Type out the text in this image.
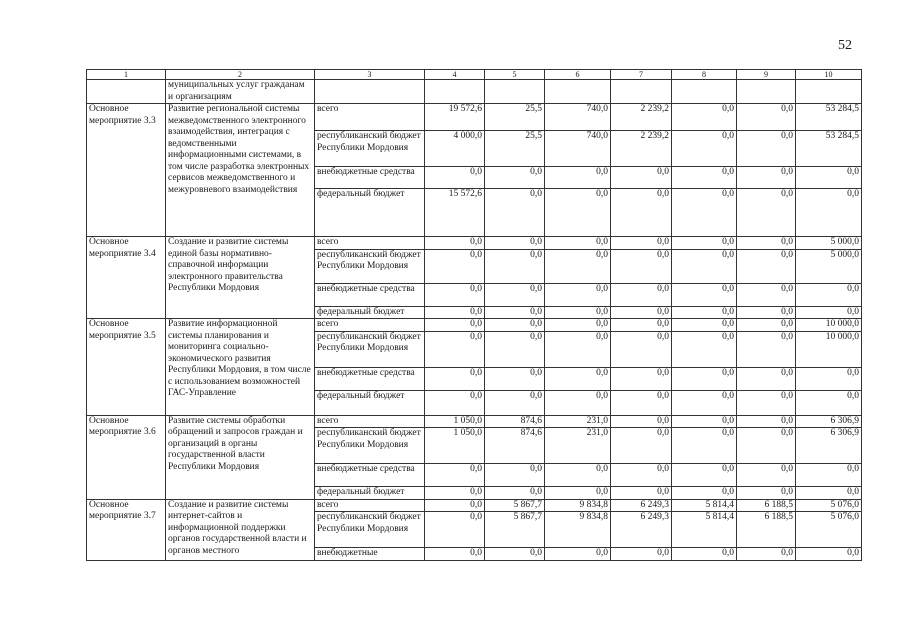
52
1	2	3	4	5	6	7	8	9	10
	муниципальных услуг гражданам и организациям								
Основное мероприятие 3.3	Развитие региональной системы межведомственного электронного взаимодействия, интеграция с ведомственными информационными системами, в том числе разработка электронных сервисов межведомственного и межуровневого взаимодействия	всего	19 572,6	25,5	740,0	2 239,2	0,0	0,0	53 284,5
		республиканский бюджет Республики Мордовия	4 000,0	25,5	740,0	2 239,2	0,0	0,0	53 284,5
		внебюджетные средства	0,0	0,0	0,0	0,0	0,0	0,0	0,0
		федеральный бюджет	15 572,6	0,0	0,0	0,0	0,0	0,0	0,0
Основное мероприятие 3.4	Создание и развитие системы единой базы нормативно-справочной информации электронного правительства Республики Мордовия	всего	0,0	0,0	0,0	0,0	0,0	0,0	5 000,0
		республиканский бюджет Республики Мордовия	0,0	0,0	0,0	0,0	0,0	0,0	5 000,0
		внебюджетные средства	0,0	0,0	0,0	0,0	0,0	0,0	0,0
		федеральный бюджет	0,0	0,0	0,0	0,0	0,0	0,0	0,0
Основное мероприятие 3.5	Развитие информационной системы планирования и мониторинга социально-экономического развития Республики Мордовия, в том числе с использованием возможностей ГАС-Управление	всего	0,0	0,0	0,0	0,0	0,0	0,0	10 000,0
		республиканский бюджет Республики Мордовия	0,0	0,0	0,0	0,0	0,0	0,0	10 000,0
		внебюджетные средства	0,0	0,0	0,0	0,0	0,0	0,0	0,0
		федеральный бюджет	0,0	0,0	0,0	0,0	0,0	0,0	0,0
Основное мероприятие 3.6	Развитие системы обработки обращений и запросов граждан и организаций в органы государственной власти Республики Мордовия	всего	1 050,0	874,6	231,0	0,0	0,0	0,0	6 306,9
		республиканский бюджет Республики Мордовия	1 050,0	874,6	231,0	0,0	0,0	0,0	6 306,9
		внебюджетные средства	0,0	0,0	0,0	0,0	0,0	0,0	0,0
		федеральный бюджет	0,0	0,0	0,0	0,0	0,0	0,0	0,0
Основное мероприятие 3.7	Создание и развитие системы интернет-сайтов и информационной поддержки органов государственной власти и органов местного	всего	0,0	5 867,7	9 834,8	6 249,3	5 814,4	6 188,5	5 076,0
		республиканский бюджет Республики Мордовия	0,0	5 867,7	9 834,8	6 249,3	5 814,4	6 188,5	5 076,0
		внебюджетные	0,0	0,0	0,0	0,0	0,0	0,0	0,0
